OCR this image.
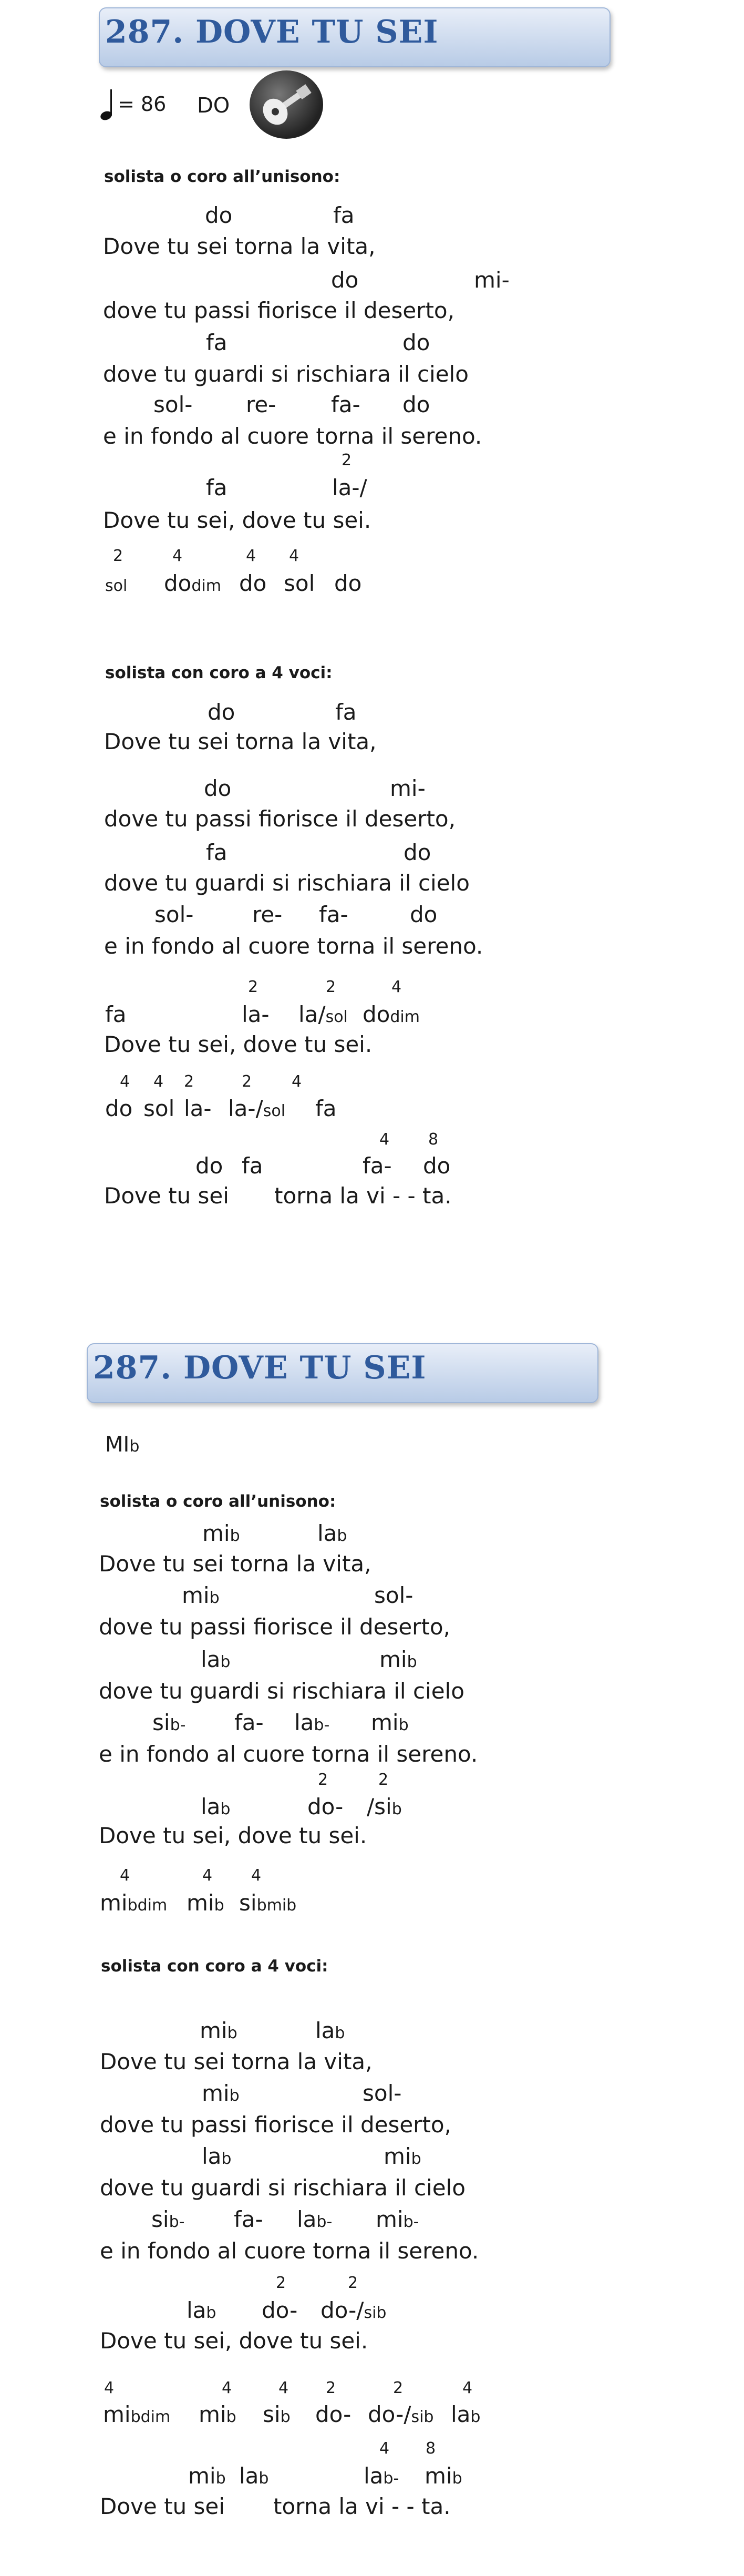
287. DOVE TU SEI
= 86 DO
solista o coro all’unisono:
do	fa
Dove tu sei torna la vita,
do	mi-
dove tu passi fiorisce il deserto,
fa	do
dove tu guardi si rischiara il cielo
sol- re- fa- do
e in fondo al cuore torna il sereno.
2
fa	la-/
Dove tu sei, dove tu sei.
2	4	4 4
sol dodim do sol do
solista con coro a 4 voci:
do	fa
Dove tu sei torna la vita,
do	mi-
dove tu passi fiorisce il deserto,
fa	do
dove tu guardi si rischiara il cielo
sol-	re- fa-	do
e in fondo al cuore torna il sereno.
2	2	4
fa	la- la/sol dodim
Dove tu sei, dove tu sei.
4 4 2	2	4
do sol la- la-/sol fa
4 8
do fa	fa- do
Dove tu sei torna la vi - - ta.
287. DOVE TU SEI
MIb
solista o coro all’unisono:
mib	lab
Dove tu sei torna la vita,
mib	sol-
dove tu passi fiorisce il deserto,
lab	mib
dove tu guardi si rischiara il cielo
sib- fa- lab- mib
e in fondo al cuore torna il sereno.
2	2
lab	do- /sib
Dove tu sei, dove tu sei.
4	4 4
mibdim mib sibmib
solista con coro a 4 voci:
mib	lab
Dove tu sei torna la vita,
mib	sol-
dove tu passi fiorisce il deserto,
lab	mib
dove tu guardi si rischiara il cielo
sib- fa- lab- mib-
e in fondo al cuore torna il sereno.
2	2
lab do- do-/sib
Dove tu sei, dove tu sei.
4	4	4 2	2	4
mibdim mib sib do- do-/sib lab
4 8
mib lab	lab- mib
Dove tu sei torna la vi - - ta.
